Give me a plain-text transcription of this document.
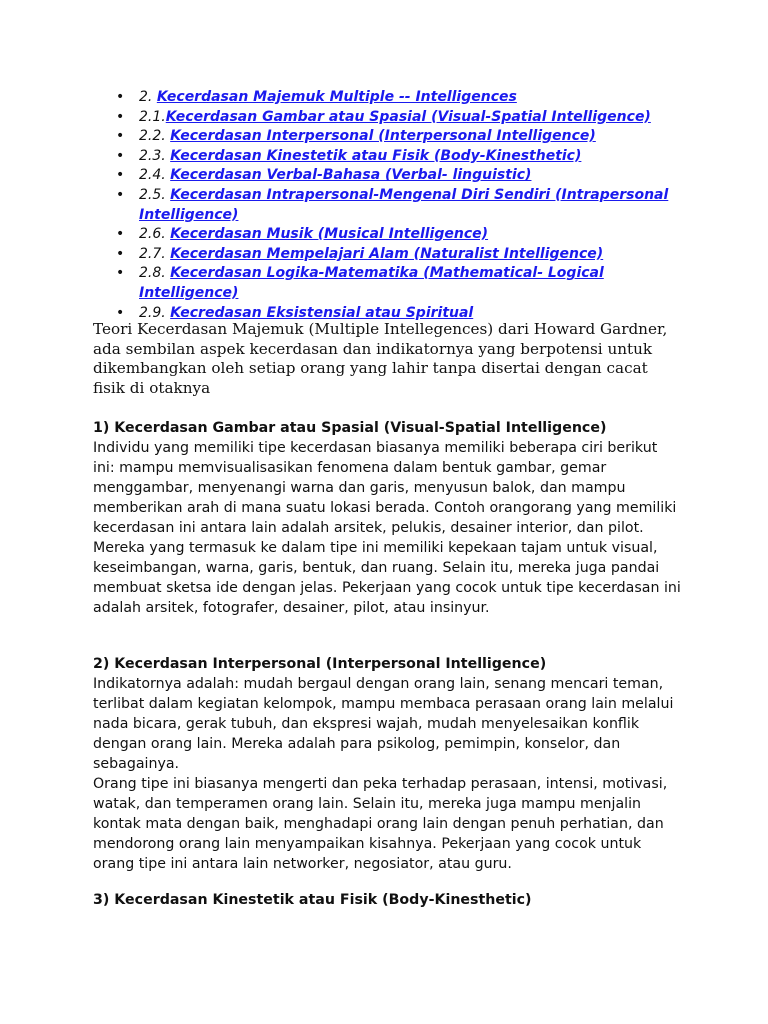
• 2. Kecerdasan Majemuk Multiple -- Intelligences
• 2.1.Kecerdasan Gambar atau Spasial (Visual-Spatial Intelligence)
• 2.2. Kecerdasan Interpersonal (Interpersonal Intelligence)
• 2.3. Kecerdasan Kinestetik atau Fisik (Body-Kinesthetic)
• 2.4. Kecerdasan Verbal-Bahasa (Verbal- linguistic)
• 2.5. Kecerdasan Intrapersonal-Mengenal Diri Sendiri (Intrapersonal Intelligence)
• 2.6. Kecerdasan Musik (Musical Intelligence)
• 2.7. Kecerdasan Mempelajari Alam (Naturalist Intelligence)
• 2.8. Kecerdasan Logika-Matematika (Mathematical- Logical Intelligence)
• 2.9. Kecredasan Eksistensial atau Spiritual

Teori Kecerdasan Majemuk (Multiple Intellegences) dari Howard Gardner, ada sembilan aspek kecerdasan dan indikatornya yang berpotensi untuk dikembangkan oleh setiap orang yang lahir tanpa disertai dengan cacat fisik di otaknya

1) Kecerdasan Gambar atau Spasial (Visual-Spatial Intelligence)

Individu yang memiliki tipe kecerdasan biasanya memiliki beberapa ciri berikut ini: mampu memvisualisasikan fenomena dalam bentuk gambar, gemar menggambar, menyenangi warna dan garis, menyusun balok, dan mampu memberikan arah di mana suatu lokasi berada. Contoh orangorang yang memiliki kecerdasan ini antara lain adalah arsitek, pelukis, desainer interior, dan pilot.

Mereka yang termasuk ke dalam tipe ini memiliki kepekaan tajam untuk visual, keseimbangan, warna, garis, bentuk, dan ruang. Selain itu, mereka juga pandai membuat sketsa ide dengan jelas. Pekerjaan yang cocok untuk tipe kecerdasan ini adalah arsitek, fotografer, desainer, pilot, atau insinyur.

2) Kecerdasan Interpersonal (Interpersonal Intelligence)

Indikatornya adalah: mudah bergaul dengan orang lain, senang mencari teman, terlibat dalam kegiatan kelompok, mampu membaca perasaan orang lain melalui nada bicara, gerak tubuh, dan ekspresi wajah, mudah menyelesaikan konflik dengan orang lain. Mereka adalah para psikolog, pemimpin, konselor, dan sebagainya.

Orang tipe ini biasanya mengerti dan peka terhadap perasaan, intensi, motivasi, watak, dan temperamen orang lain. Selain itu, mereka juga mampu menjalin kontak mata dengan baik, menghadapi orang lain dengan penuh perhatian, dan mendorong orang lain menyampaikan kisahnya. Pekerjaan yang cocok untuk orang tipe ini antara lain networker, negosiator, atau guru.

3) Kecerdasan Kinestetik atau Fisik (Body-Kinesthetic)
